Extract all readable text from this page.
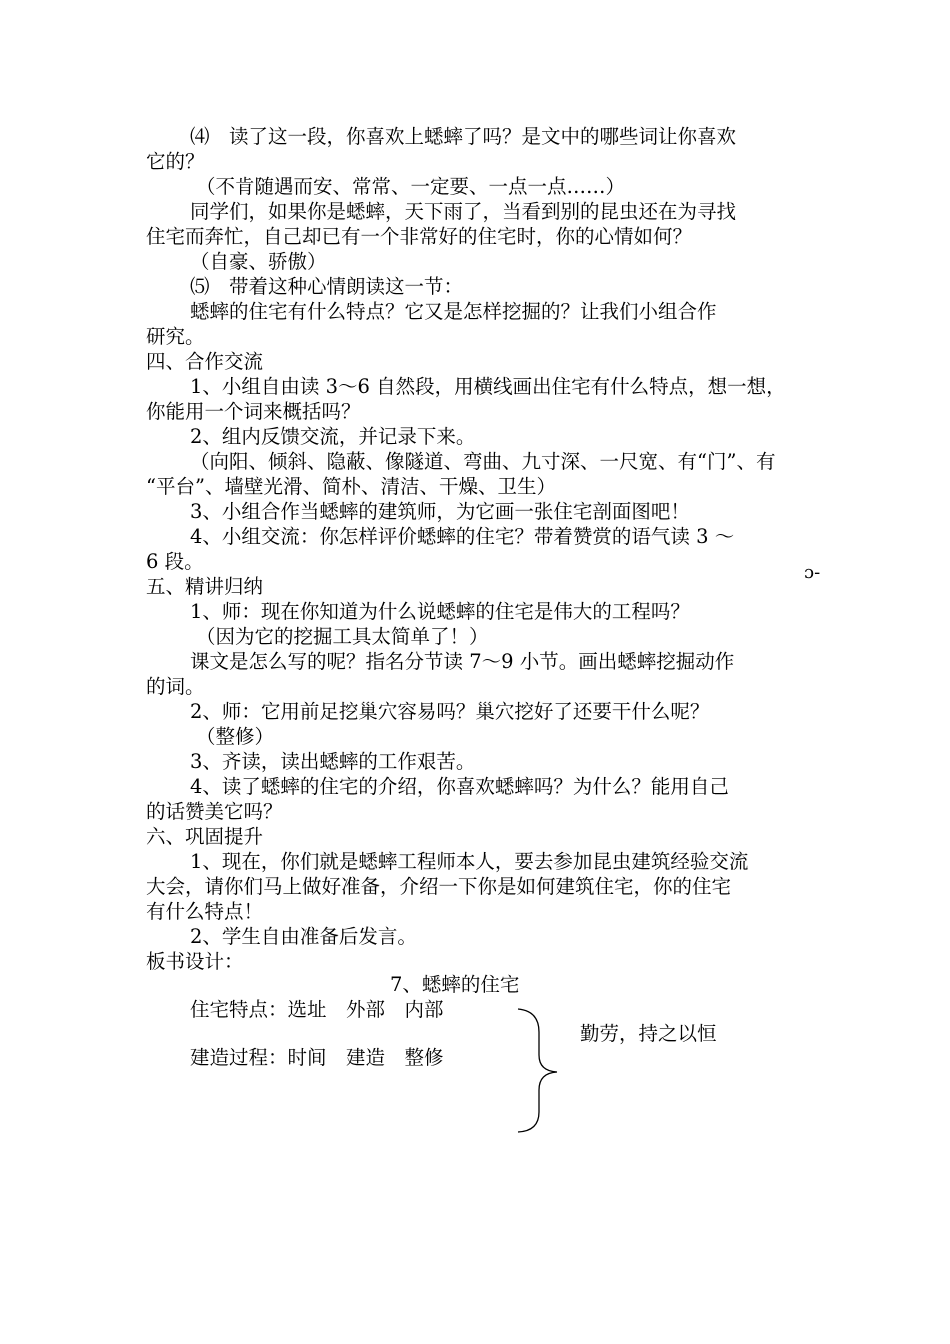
⑷　读了这一段，你喜欢上蟋蟀了吗？是文中的哪些词让你喜欢
它的？
（不肯随遇而安、常常、一定要、一点一点……）
同学们，如果你是蟋蟀，天下雨了，当看到别的昆虫还在为寻找
住宅而奔忙，自己却已有一个非常好的住宅时，你的心情如何？
（自豪、骄傲）
⑸　带着这种心情朗读这一节：
蟋蟀的住宅有什么特点？它又是怎样挖掘的？让我们小组合作
研究。
四、合作交流
1、小组自由读 3～6 自然段，用横线画出住宅有什么特点，想一想，
你能用一个词来概括吗？
2、组内反馈交流，并记录下来。
（向阳、倾斜、隐蔽、像隧道、弯曲、九寸深、一尺宽、有“门”、有
“平台”、墙壁光滑、简朴、清洁、干燥、卫生）
3、小组合作当蟋蟀的建筑师，为它画一张住宅剖面图吧！
4、小组交流：你怎样评价蟋蟀的住宅？带着赞赏的语气读 3 ～
6 段。
五、精讲归纳
1、师：现在你知道为什么说蟋蟀的住宅是伟大的工程吗？
（因为它的挖掘工具太简单了！）
课文是怎么写的呢？指名分节读 7～9 小节。画出蟋蟀挖掘动作
的词。
2、师：它用前足挖巢穴容易吗？巢穴挖好了还要干什么呢？
（整修）
3、齐读，读出蟋蟀的工作艰苦。
4、读了蟋蟀的住宅的介绍，你喜欢蟋蟀吗？为什么？能用自己
的话赞美它吗？
六、巩固提升
1、现在，你们就是蟋蟀工程师本人，要去参加昆虫建筑经验交流
大会，请你们马上做好准备，介绍一下你是如何建筑住宅，你的住宅
有什么特点！
2、学生自由准备后发言。
板书设计：
ɔ-
7、蟋蟀的住宅
住宅特点：选址　外部　内部
建造过程：时间　建造　整修
勤劳，持之以恒
